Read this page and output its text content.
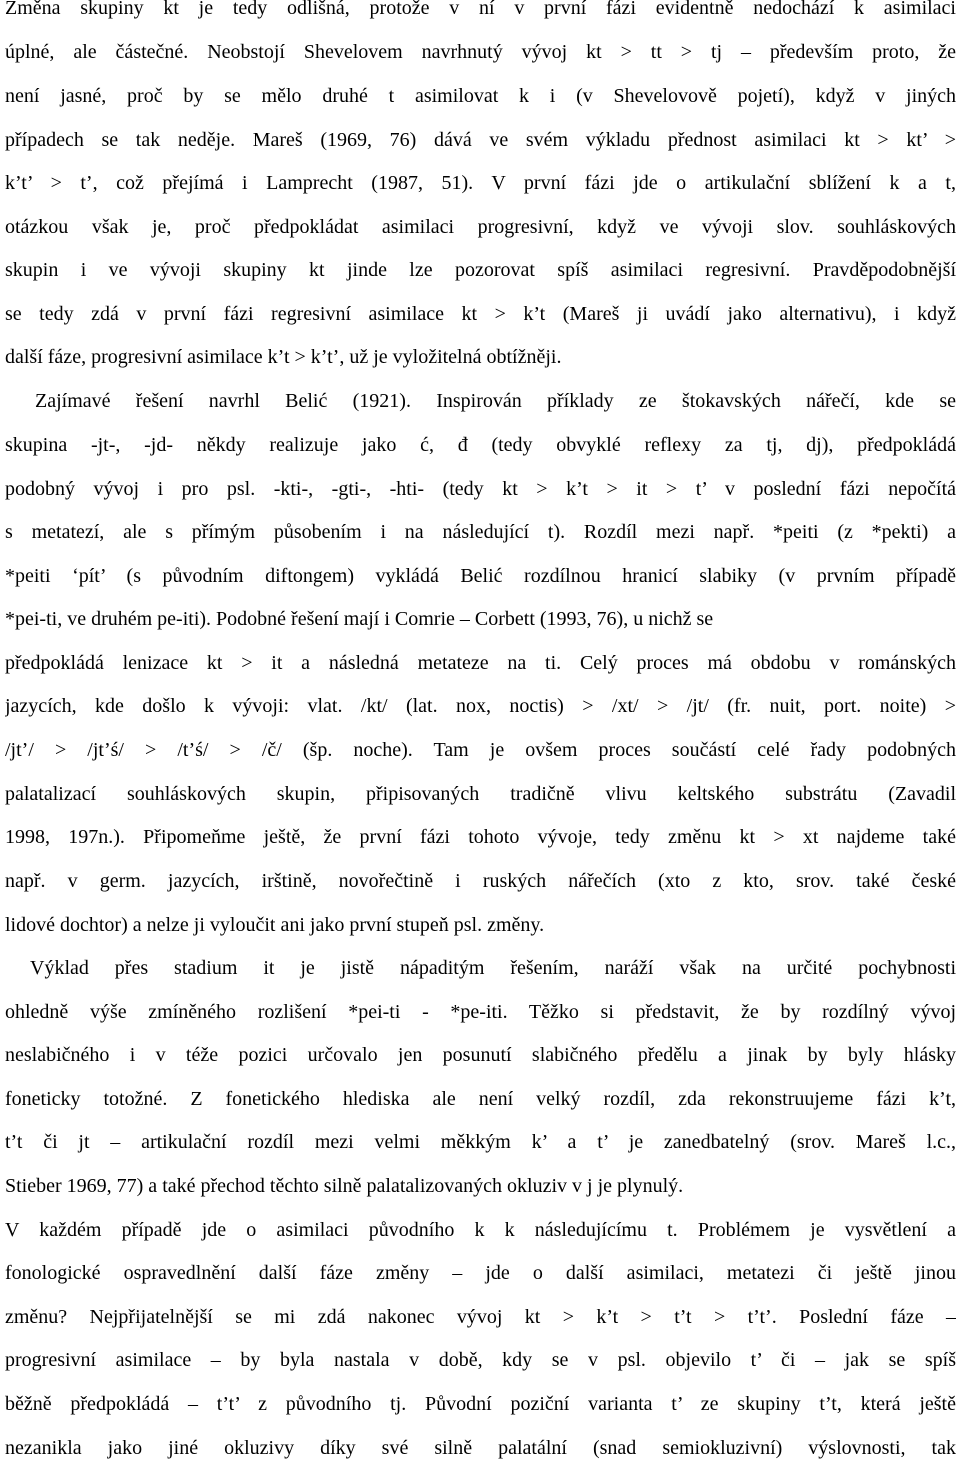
Změna skupiny kt je tedy odlišná, protože v ní v první fázi evidentně nedochází k asimilaci

úplné, ale částečné. Neobstojí Shevelovem navrhnutý vývoj kt > tt > tj – především proto, že

není jasné, proč by se mělo druhé t asimilovat k i (v Shevelovově pojetí), když v jiných

případech se tak neděje. Mareš (1969, 76) dává ve svém výkladu přednost asimilaci kt > kt’ >

k’t’ > t’, což přejímá i Lamprecht (1987, 51). V první fázi jde o artikulační sblížení k a t,

otázkou však je, proč předpokládat asimilaci progresivní, když ve vývoji slov. souhláskových

skupin i ve vývoji skupiny kt jinde lze pozorovat spíš asimilaci regresivní. Pravděpodobnější

se tedy zdá v první fázi regresivní asimilace kt > k’t (Mareš ji uvádí jako alternativu), i když

další fáze, progresivní asimilace k’t > k’t’, už je vyložitelná obtížněji.

Zajímavé řešení navrhl Belić (1921). Inspirován příklady ze štokavských nářečí, kde se

skupina -jt-, -jd- někdy realizuje jako ć, đ (tedy obvyklé reflexy za tj, dj), předpokládá

podobný vývoj i pro psl. -kti-, -gti-, -hti- (tedy kt > k’t > it > t’ v poslední fázi nepočítá

s metatezí, ale s přímým působením i na následující t). Rozdíl mezi např. *peiti (z *pekti) a

*peiti ‘pít’ (s původním diftongem) vykládá Belić rozdílnou hranicí slabiky (v prvním případě

*pei-ti, ve druhém pe-iti). Podobné řešení mají i Comrie – Corbett (1993, 76), u nichž se

předpokládá lenizace kt > it a následná metateze na ti. Celý proces má obdobu v románských

jazycích, kde došlo k vývoji: vlat. /kt/ (lat. nox, noctis) > /xt/ > /jt/ (fr. nuit, port. noite) >

/jt’/ > /jt’ś/ > /t’ś/ > /č/ (šp. noche). Tam je ovšem proces součástí celé řady podobných

palatalizací souhláskových skupin, připisovaných tradičně vlivu keltského substrátu (Zavadil

1998, 197n.). Připomeňme ještě, že první fázi tohoto vývoje, tedy změnu kt > xt najdeme také

např. v germ. jazycích, irštině, novořečtině i ruských nářečích (xto z kto, srov. také české

lidové dochtor) a nelze ji vyloučit ani jako první stupeň psl. změny.

Výklad přes stadium it je jistě nápaditým řešením, naráží však na určité pochybnosti

ohledně výše zmíněného rozlišení *pei-ti - *pe-iti. Těžko si představit, že by rozdílný vývoj

neslabičného i v téže pozici určovalo jen posunutí slabičného předělu a jinak by byly hlásky

foneticky totožné. Z fonetického hlediska ale není velký rozdíl, zda rekonstruujeme fázi k’t,

t’t či jt – artikulační rozdíl mezi velmi měkkým k’ a t’ je zanedbatelný (srov. Mareš l.c.,

Stieber 1969, 77) a také přechod těchto silně palatalizovaných okluziv v j je plynulý.

V každém případě jde o asimilaci původního k k následujícímu t. Problémem je vysvětlení a

fonologické ospravedlnění další fáze změny – jde o další asimilaci, metatezi či ještě jinou

změnu? Nejpřijatelnější se mi zdá nakonec vývoj kt > k’t > t’t > t’t’. Poslední fáze –

progresivní asimilace – by byla nastala v době, kdy se v psl. objevilo t’ či – jak se spíš

běžně předpokládá – t’t’ z původního tj. Původní poziční varianta t’ ze skupiny t’t, která ještě

nezanikla jako jiné okluzivy díky své silně palatální (snad semiokluzivní) výslovnosti, tak
